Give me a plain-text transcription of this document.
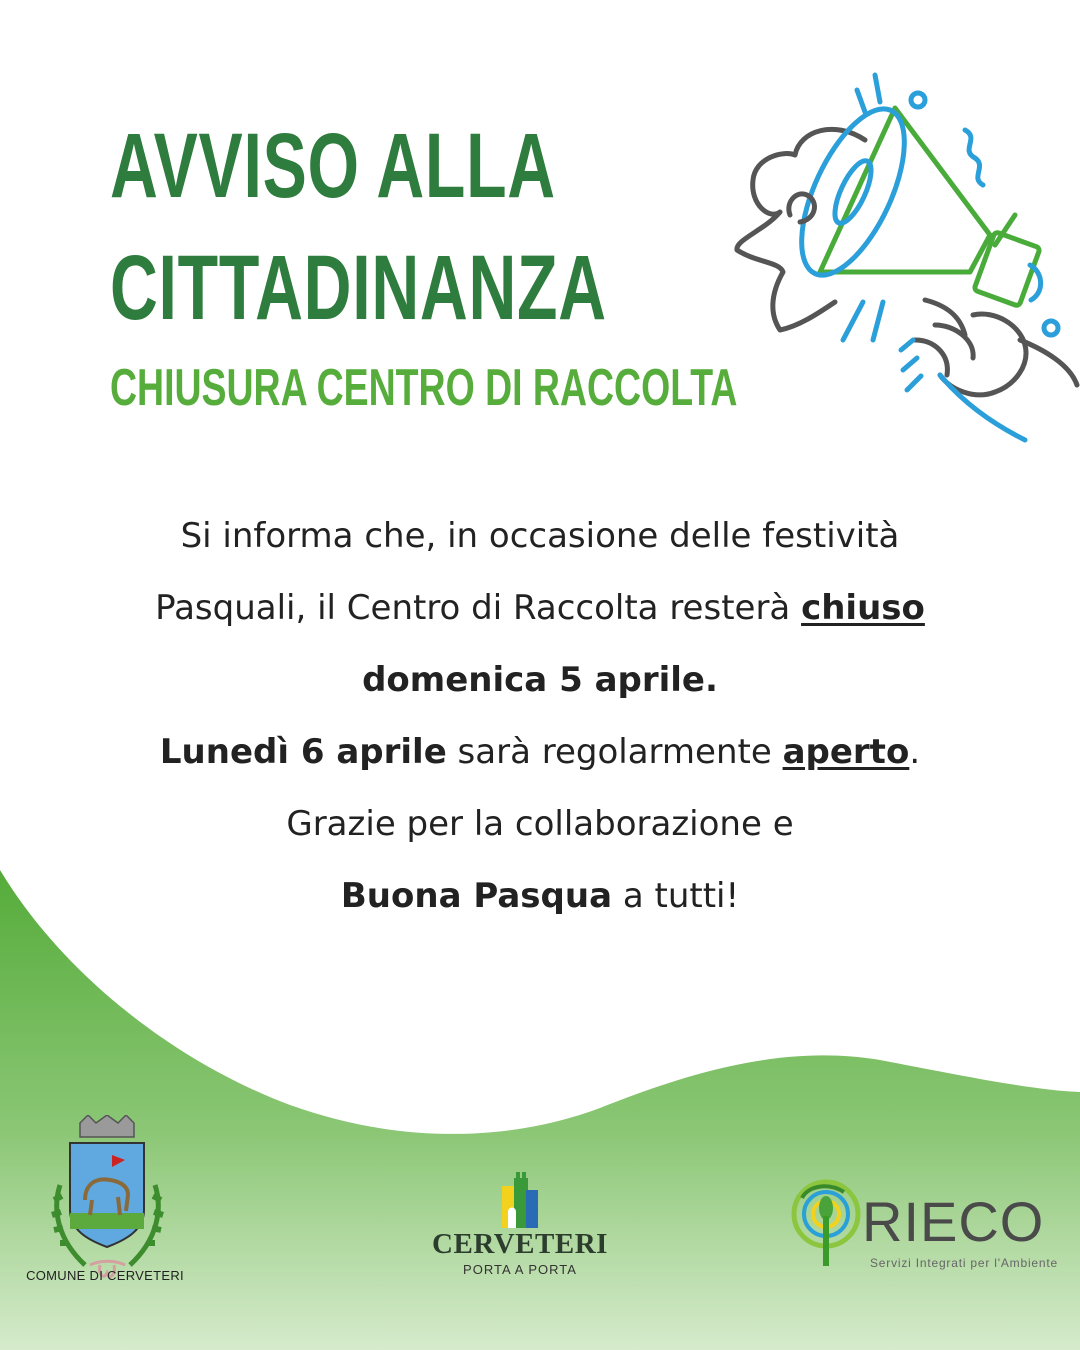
AVVISO ALLA
CITTADINANZA
CHIUSURA CENTRO DI RACCOLTA
Si informa che, in occasione delle festività
Pasquali, il Centro di Raccolta resterà chiuso
domenica 5 aprile.
Lunedì 6 aprile sarà regolarmente aperto.
Grazie per la collaborazione e
Buona Pasqua a tutti!
COMUNE DI CERVETERI
CERVETERI
PORTA A PORTA
RIECO
Servizi Integrati per l'Ambiente
